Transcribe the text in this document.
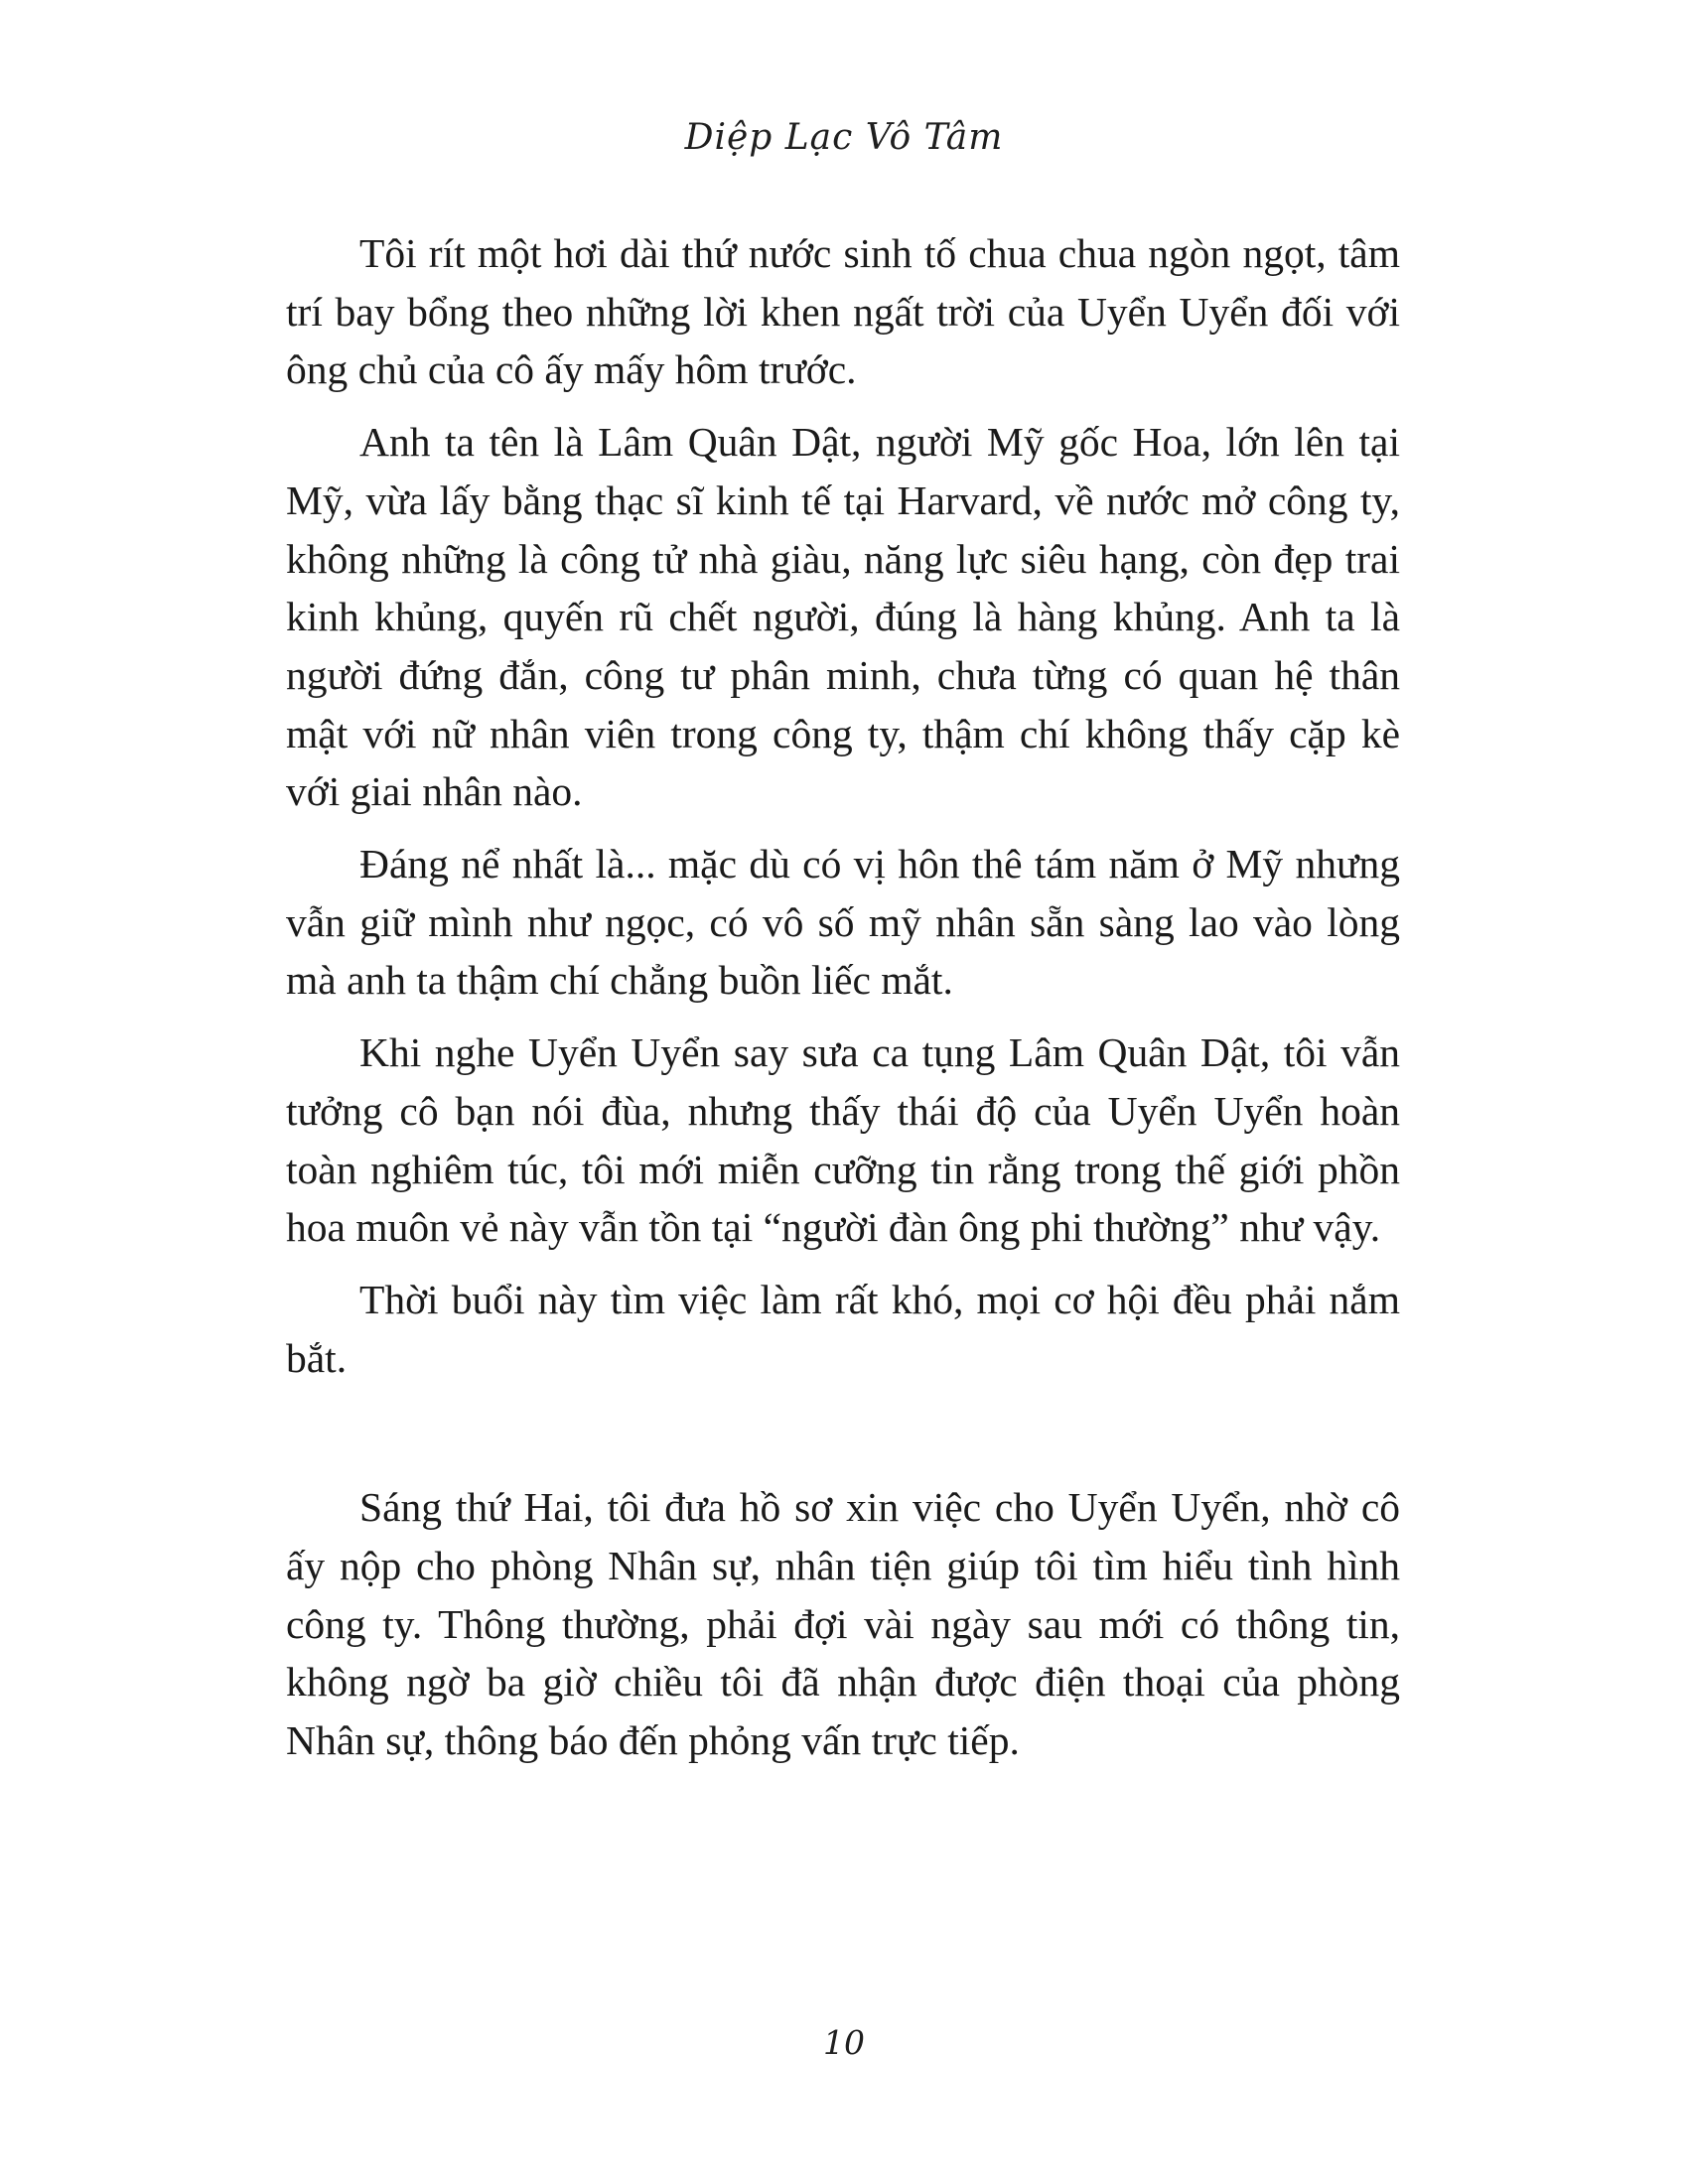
Diệp Lạc Vô Tâm

Tôi rít một hơi dài thứ nước sinh tố chua chua ngòn ngọt, tâm trí bay bổng theo những lời khen ngất trời của Uyển Uyển đối với ông chủ của cô ấy mấy hôm trước.

Anh ta tên là Lâm Quân Dật, người Mỹ gốc Hoa, lớn lên tại Mỹ, vừa lấy bằng thạc sĩ kinh tế tại Harvard, về nước mở công ty, không những là công tử nhà giàu, năng lực siêu hạng, còn đẹp trai kinh khủng, quyến rũ chết người, đúng là hàng khủng. Anh ta là người đứng đắn, công tư phân minh, chưa từng có quan hệ thân mật với nữ nhân viên trong công ty, thậm chí không thấy cặp kè với giai nhân nào.

Đáng nể nhất là... mặc dù có vị hôn thê tám năm ở Mỹ nhưng vẫn giữ mình như ngọc, có vô số mỹ nhân sẵn sàng lao vào lòng mà anh ta thậm chí chẳng buồn liếc mắt.

Khi nghe Uyển Uyển say sưa ca tụng Lâm Quân Dật, tôi vẫn tưởng cô bạn nói đùa, nhưng thấy thái độ của Uyển Uyển hoàn toàn nghiêm túc, tôi mới miễn cưỡng tin rằng trong thế giới phồn hoa muôn vẻ này vẫn tồn tại “người đàn ông phi thường” như vậy.

Thời buổi này tìm việc làm rất khó, mọi cơ hội đều phải nắm bắt.

Sáng thứ Hai, tôi đưa hồ sơ xin việc cho Uyển Uyển, nhờ cô ấy nộp cho phòng Nhân sự, nhân tiện giúp tôi tìm hiểu tình hình công ty. Thông thường, phải đợi vài ngày sau mới có thông tin, không ngờ ba giờ chiều tôi đã nhận được điện thoại của phòng Nhân sự, thông báo đến phỏng vấn trực tiếp.

10
